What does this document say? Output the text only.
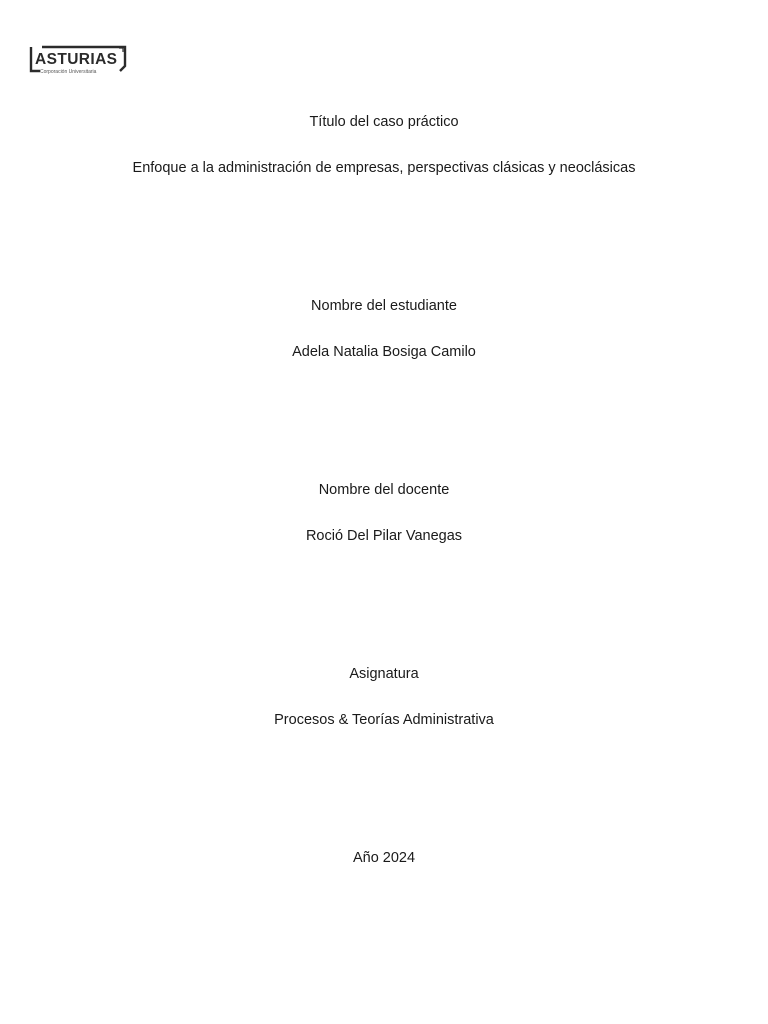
ASTURIAS
Corporación Universitaria
Título del caso práctico
Enfoque a la administración de empresas, perspectivas clásicas y neoclásicas
Nombre del estudiante
Adela Natalia Bosiga Camilo
Nombre del docente
Roció Del Pilar Vanegas
Asignatura
Procesos & Teorías Administrativa
Año 2024
